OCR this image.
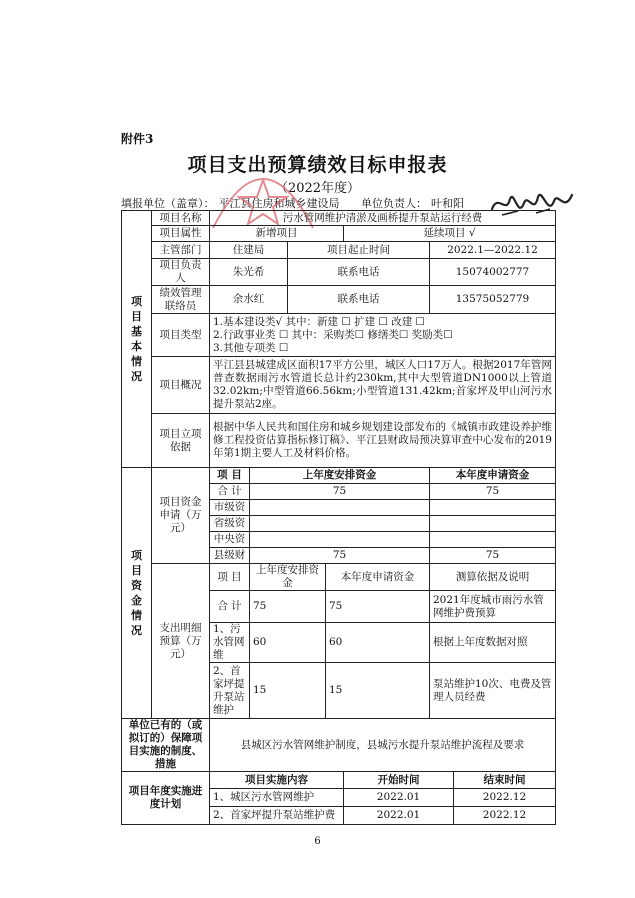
附件3
项目支出预算绩效目标申报表
（2022年度）
填报单位（盖章）： 平江县住房和城乡建设局 单位负责人： 叶和阳
项目基本情况	项目名称	污水管网维护清淤及画桥提升泵站运行经费						
	项目属性	新增项目				延续项目 √		
	主管部门	住建局		项目起止时间			2022.1—2022.12	
	项目负责人	朱光希		联系电话			15074002777	
	绩效管理联络员	余水红		联系电话			13575052779	
	项目类型	1.基本建设类√ 其中：新建 ☐ 扩建 ☐ 改建 ☐
2.行政事业类 ☐ 其中：采购类☐ 修缮类☐ 奖励类☐
3.其他专项类 ☐						

	项目概况	平江县县城建成区面积17平方公里，城区人口17万人。根据2017年管网普查数据雨污水管道长总计约230km,其中大型管道DN1000以上管道32.02km;中型管道66.56km;小型管道131.42km;首家坪及甲山河污水提升泵站2座。						
	项目立项依据	根据中华人民共和国住房和城乡规划建设部发布的《城镇市政建设养护维修工程投资估算指标修订稿》、平江县财政局预决算审查中心发布的2019年第1期主要人工及材料价格。						

项目资金情况	项目资金申请（万元）	项 目	上年度安排资金				本年度申请资金	
		合 计	75				75	
		市级资						
		省级资						
		中央资						
		县级财	75				75	
	支出明细预算（万元）	项 目	上年度安排资金		本年度申请资金		测算依据及说明	
		合 计	75		75		2021年度城市雨污水管网维护费预算	
		1、污水管网维	60		60		根据上年度数据对照	
		2、首家坪提升泵站维护	15		15		泵站维护10次、电费及管理人员经费	
单位已有的（或拟订的）保障项目实施的制度、措施		县城区污水管网维护制度，县城污水提升泵站维护流程及要求						
项目年度实施进度计划		项目实施内容				开始时间		结束时间
		1、城区污水管网维护				2022.01		2022.12
		2、首家坪提升泵站维护费				2022.01		2022.12
6
